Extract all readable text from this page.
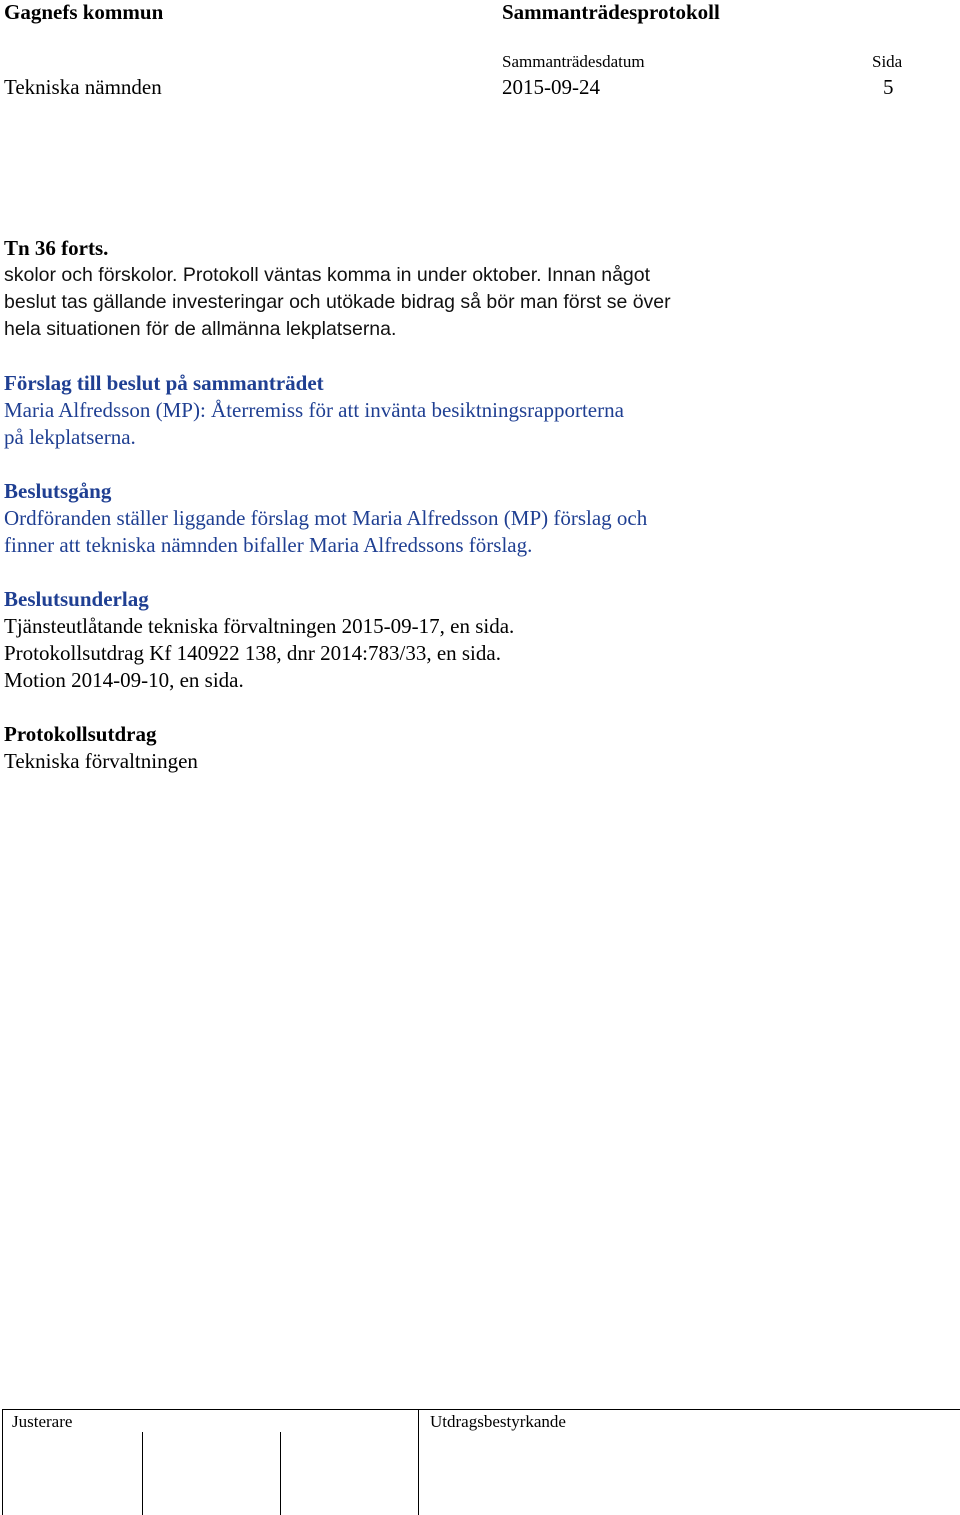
Gagnefs kommun	Sammanträdesprotokoll
Sammanträdesdatum	Sida
Tekniska nämnden	2015-09-24	5

Tn 36 forts.

skolor och förskolor. Protokoll väntas komma in under oktober. Innan något

beslut tas gällande investeringar och utökade bidrag så bör man först se över

hela situationen för de allmänna lekplatserna.

Förslag till beslut på sammanträdet

Maria Alfredsson (MP): Återremiss för att invänta besiktningsrapporterna

på lekplatserna.

Beslutsgång

Ordföranden ställer liggande förslag mot Maria Alfredsson (MP) förslag och

finner att tekniska nämnden bifaller Maria Alfredssons förslag.

Beslutsunderlag

Tjänsteutlåtande tekniska förvaltningen 2015-09-17, en sida.

Protokollsutdrag Kf 140922 138, dnr 2014:783/33, en sida.

Motion 2014-09-10, en sida.

Protokollsutdrag

Tekniska förvaltningen

Justerare	Utdragsbestyrkande
